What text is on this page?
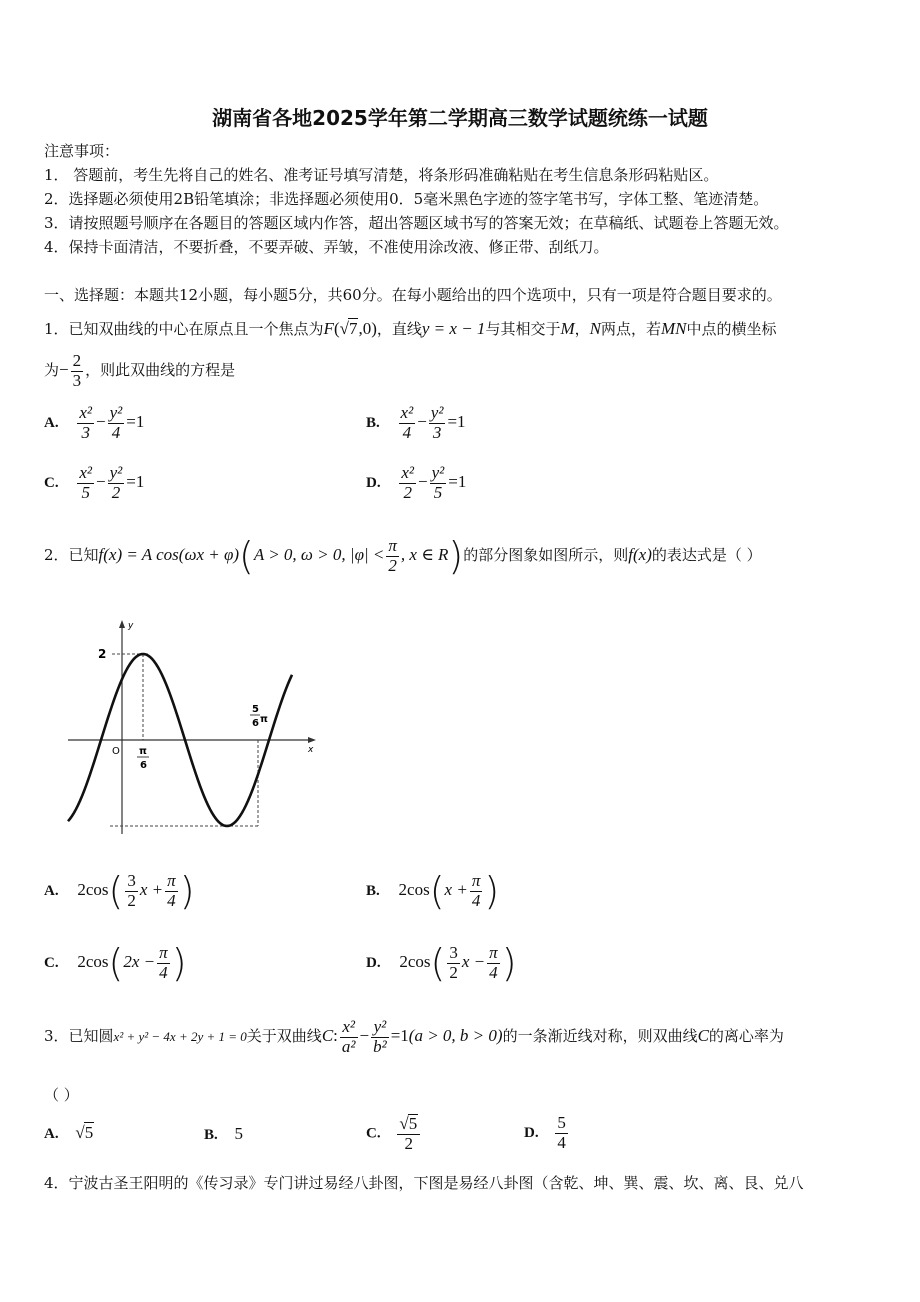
湖南省各地2025学年第二学期高三数学试题统练一试题
注意事项：
1． 答题前，考生先将自己的姓名、准考证号填写清楚，将条形码准确粘贴在考生信息条形码粘贴区。
2．选择题必须使用2B铅笔填涂；非选择题必须使用0．5毫米黑色字迹的签字笔书写，字体工整、笔迹清楚。
3．请按照题号顺序在各题目的答题区域内作答，超出答题区域书写的答案无效；在草稿纸、试题卷上答题无效。
4．保持卡面清洁，不要折叠，不要弄破、弄皱，不准使用涂改液、修正带、刮纸刀。
一、选择题：本题共12小题，每小题5分，共60分。在每小题给出的四个选项中，只有一项是符合题目要求的。
1．已知双曲线的中心在原点且一个焦点为F(√7,0)，直线y = x − 1与其相交于M，N两点，若MN中点的横坐标
为− $\frac{2}{3}$ ，则此双曲线的方程是
A. $\frac{\text{x²}}{3} - \frac{\text{y²}}{4} =1$	B. $\frac{\text{x²}}{4} - \frac{\text{y²}}{3} =1$
C. $\frac{\text{x²}}{5} - \frac{\text{y²}}{2} =1$	D. $\frac{\text{x²}}{2} - \frac{\text{y²}}{5} =1$
2．已知f(x) = A cos(ωx + φ)(A > 0, ω > 0, $|\varphi| < \frac{\pi}{2}$ , x ∈ R)的部分图象如图所示，则f(x)的表达式是（ ）
y
x
O
2
π
6
5
6 π
A. $2\cos( \frac{3}{2}$ $x + \frac{\pi}{4}$ )	B. $2\cos(x + \frac{\pi}{4}$ )
C. $2\cos(2x - \frac{\pi}{4}$ )	D. $2\cos( \frac{3}{2}$ $x - \frac{\pi}{4}$ )
3．已知圆x² + y² − 4x + 2y + 1 = 0关于双曲线C: $\frac{\text{x²}}{\text{a²}} - \frac{\text{y²}}{\text{b²}} =1(a > 0$, b > 0)的一条渐近线对称，则双曲线C的离心率为
（ ）
A. √5	B. 5	C. $\frac{√5}{2}$	D. $\frac{5}{4}$
4．宁波古圣王阳明的《传习录》专门讲过易经八卦图，下图是易经八卦图（含乾、坤、巽、震、坎、离、艮、兑八
